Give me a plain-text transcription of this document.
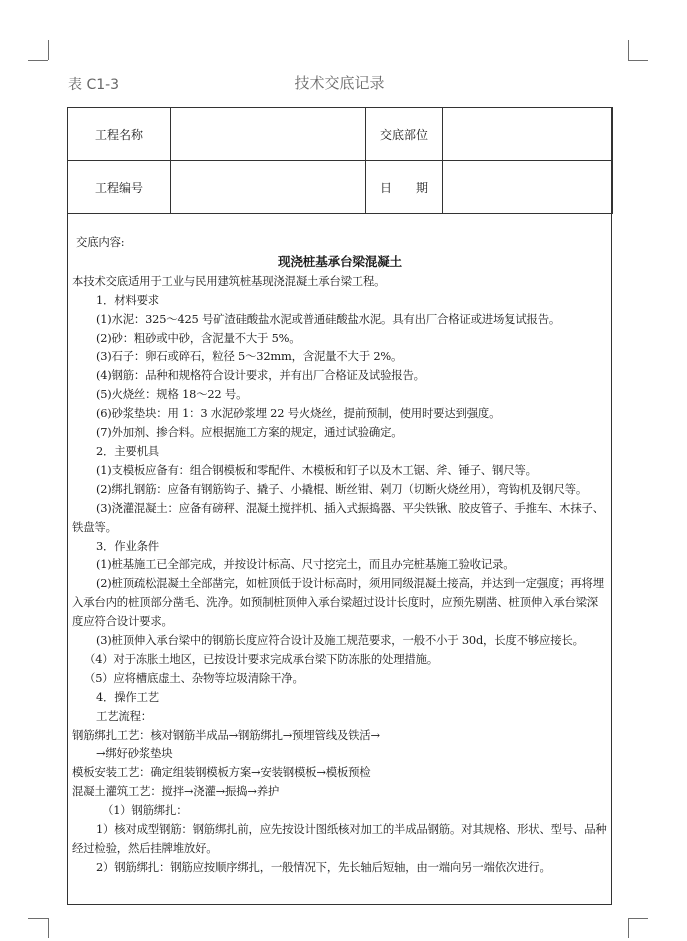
表 C1-3	技术交底记录
工程名称		交底部位	
工程编号		日　　期	

交底内容:

现浇桩基承台梁混凝土

本技术交底适用于工业与民用建筑桩基现浇混凝土承台梁工程。

1．材料要求

(1)水泥：325～425 号矿渣硅酸盐水泥或普通硅酸盐水泥。具有出厂合格证或进场复试报告。

(2)砂：粗砂或中砂，含泥量不大于 5%。

(3)石子：卵石或碎石，粒径 5～32mm，含泥量不大于 2%。

(4)钢筋：品种和规格符合设计要求，并有出厂合格证及试验报告。

(5)火烧丝：规格 18～22 号。

(6)砂浆垫块：用 1：3 水泥砂浆埋 22 号火烧丝，提前预制，使用时要达到强度。

(7)外加剂、掺合料。应根据施工方案的规定，通过试验确定。

2．主要机具

(1)支模板应备有：组合钢模板和零配件、木模板和钉子以及木工锯、斧、锤子、钢尺等。

(2)绑扎钢筋：应备有钢筋钩子、撬子、小撬棍、断丝钳、剁刀（切断火烧丝用），弯钩机及钢尺等。

(3)浇灌混凝土：应备有磅秤、混凝土搅拌机、插入式振捣器、平尖铁锹、胶皮管子、手推车、木抹子、铁盘等。

3．作业条件

(1)桩基施工已全部完成，并按设计标高、尺寸挖完土，而且办完桩基施工验收记录。

(2)桩顶疏松混凝土全部凿完，如桩顶低于设计标高时，须用同级混凝土接高，并达到一定强度；再将埋入承台内的桩顶部分凿毛、洗净。如预制桩顶伸入承台梁超过设计长度时，应预先剔凿、桩顶伸入承台梁深度应符合设计要求。

(3)桩顶伸入承台梁中的钢筋长度应符合设计及施工规范要求，一般不小于 30d，长度不够应接长。

（4）对于冻胀土地区，已按设计要求完成承台梁下防冻胀的处理措施。

（5）应将槽底虚土、杂物等垃圾清除干净。

4．操作工艺

工艺流程：

钢筋绑扎工艺：核对钢筋半成品→钢筋绑扎→预埋管线及铁活→

→绑好砂浆垫块

模板安装工艺：确定组装钢模板方案→安装钢模板→模板预检

混凝土灌筑工艺：搅拌→浇灌→振捣→养护

（1）钢筋绑扎：

1）核对成型钢筋：钢筋绑扎前，应先按设计图纸核对加工的半成品钢筋。对其规格、形状、型号、品种经过检验，然后挂牌堆放好。

2）钢筋绑扎：钢筋应按顺序绑扎，一般情况下，先长轴后短轴，由一端向另一端依次进行。
